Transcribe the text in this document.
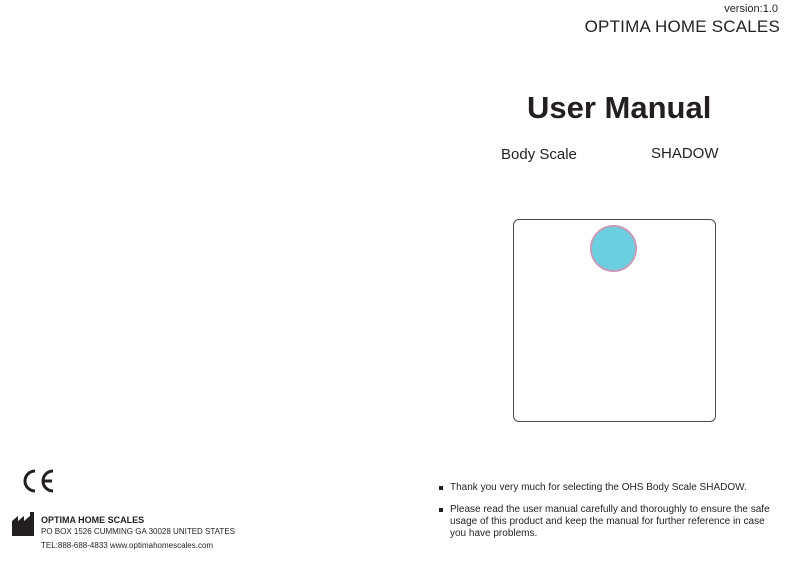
version:1.0
OPTIMA HOME SCALES
User Manual
Body Scale	SHADOW
OPTIMA HOME SCALES
PO BOX 1526 CUMMING GA 30028 UNITED STATES
TEL:888-688-4833 www.optimahomescales.com
Thank you very much for selecting the OHS Body Scale SHADOW.
Please read the user manual carefully and thoroughly to ensure the safe usage of this product and keep the manual for further reference in case you have problems.
